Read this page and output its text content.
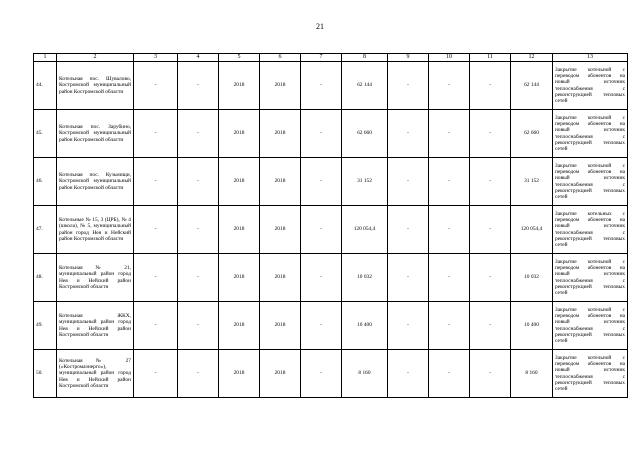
21
1	2	3	4	5	6	7	8	9	10	11	12	13
44.	Котельная пос. Шувалово, Костромской муниципальный район Костромской области	-	-	2018	2018	-	62 144	-	-	-	62 144	Закрытие котельной с переводом абонентов на новый источник теплоснабжения с реконструкцией тепловых сетей
45.	Котельная пос. Зарубино, Костромской муниципальный район Костромской области	-	-	2018	2018	-	62 660	-	-	-	62 660	Закрытие котельной с переводом абонентов на новый источник теплоснабжения с реконструкцией тепловых сетей
46.	Котельная пос. Кузьмищи, Костромской муниципальный район Костромской области	-	-	2018	2018	-	31 152	-	-	-	31 152	Закрытие котельной с переводом абонентов на новый источник теплоснабжения с реконструкцией тепловых сетей
47.	Котельные № 15, 3 (ЦРБ), № 4 (школа), № 5, муниципальный район город Нея и Нейский район Костромской области	-	-	2018	2018	-	120 054,4	-	-	-	120 054,4	Закрытие котельных с переводом абонентов на новый источник теплоснабжения с реконструкцией тепловых сетей
48.	Котельная № 21, муниципальный район город Нея и Нейский район Костромской области	-	-	2018	2018	-	10 032	-	-	-	10 032	Закрытие котельной с переводом абонентов на новый источник теплоснабжения с реконструкцией тепловых сетей
49.	Котельная ЖКХ, муниципальный район город Нея и Нейский район Костромской области	-	-	2018	2018	-	10 400	-	-	-	10 400	Закрытие котельной с переводом абонентов на новый источник теплоснабжения с реконструкцией тепловых сетей
50.	Котельная № 27 («Костромаэнерго»), муниципальный район город Нея и Нейский район Костромской области	-	-	2018	2018	-	8 160	-	-	-	8 160	Закрытие котельной с переводом абонентов на новый источник теплоснабжения с реконструкцией тепловых сетей
